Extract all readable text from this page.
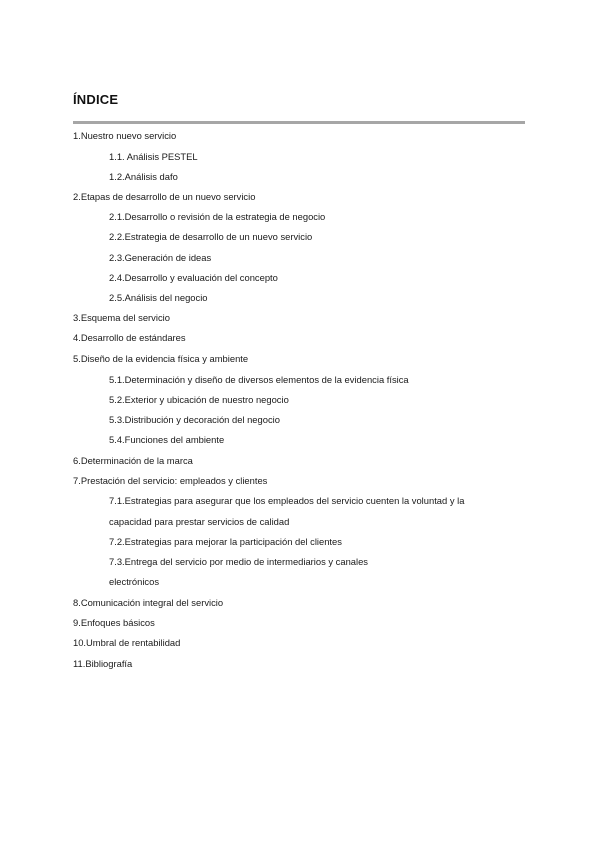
ÍNDICE
1.Nuestro nuevo servicio
1.1. Análisis PESTEL
1.2.Análisis dafo
2.Etapas de desarrollo de un nuevo servicio
2.1.Desarrollo o revisión de la estrategia de negocio
2.2.Estrategia de desarrollo de un nuevo servicio
2.3.Generación de ideas
2.4.Desarrollo y evaluación del concepto
2.5.Análisis del negocio
3.Esquema del servicio
4.Desarrollo de estándares
5.Diseño de la evidencia física y ambiente
5.1.Determinación y diseño de diversos elementos de la evidencia física
5.2.Exterior y ubicación de nuestro negocio
5.3.Distribución y decoración del negocio
5.4.Funciones del ambiente
6.Determinación de la marca
7.Prestación del servicio: empleados y clientes
7.1.Estrategias para asegurar que los empleados del servicio cuenten la voluntad y la
capacidad para prestar servicios de calidad
7.2.Estrategias para mejorar la participación del clientes
7.3.Entrega del servicio por medio de intermediarios y canales
electrónicos
8.Comunicación integral del servicio
9.Enfoques básicos
10.Umbral de rentabilidad
11.Bibliografía
